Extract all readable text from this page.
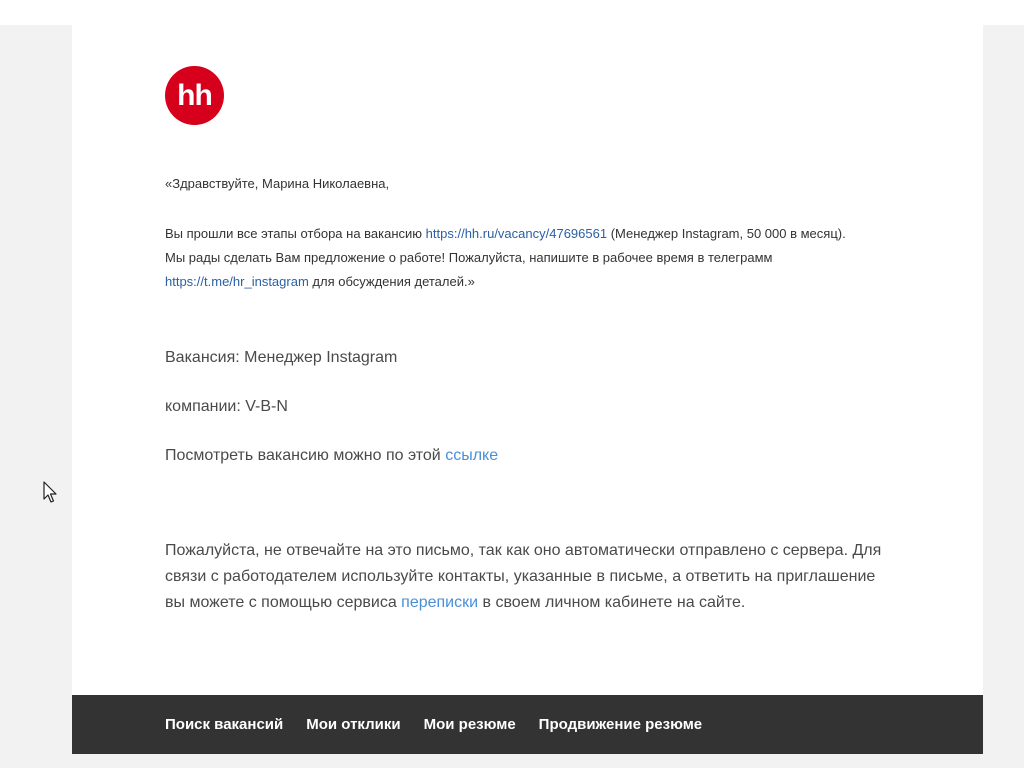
hh
«Здравствуйте, Марина Николаевна,
Вы прошли все этапы отбора на вакансию https://hh.ru/vacancy/47696561 (Менеджер Instagram, 50 000 в месяц). Мы рады сделать Вам предложение о работе! Пожалуйста, напишите в рабочее время в телеграмм https://t.me/hr_instagram для обсуждения деталей.»
Вакансия: Менеджер Instagram
компании: V-B-N
Посмотреть вакансию можно по этой ссылке
Пожалуйста, не отвечайте на это письмо, так как оно автоматически отправлено с сервера. Для связи с работодателем используйте контакты, указанные в письме, а ответить на приглашение вы можете с помощью сервиса переписки в своем личном кабинете на сайте.
Поиск вакансий Мои отклики Мои резюме Продвижение резюме
